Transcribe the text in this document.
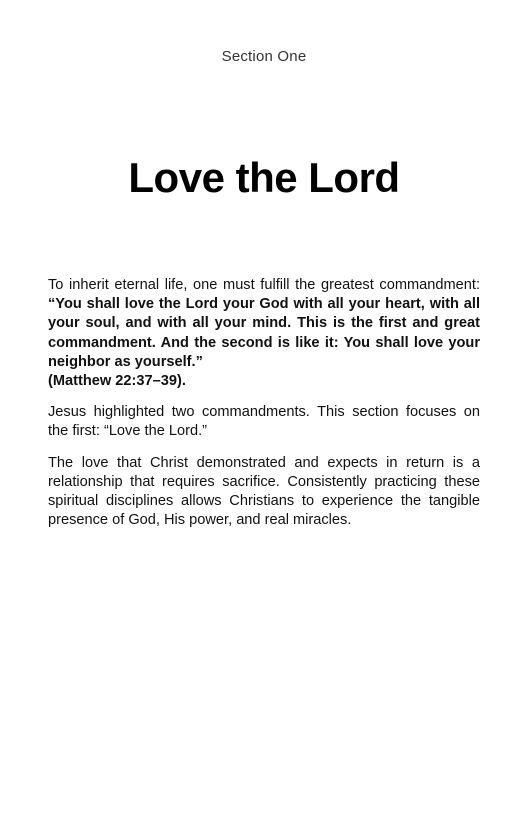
Section One
Love the Lord

To inherit eternal life, one must fulfill the greatest commandment: “You shall love the Lord your God with all your heart, with all your soul, and with all your mind. This is the first and great commandment. And the second is like it: You shall love your neighbor as yourself.”
(Matthew 22:37–39).

Jesus highlighted two commandments. This section focuses on the first: “Love the Lord.”

The love that Christ demonstrated and expects in return is a relationship that requires sacrifice. Consistently practicing these spiritual disciplines allows Christians to experience the tangible presence of God, His power, and real miracles.
